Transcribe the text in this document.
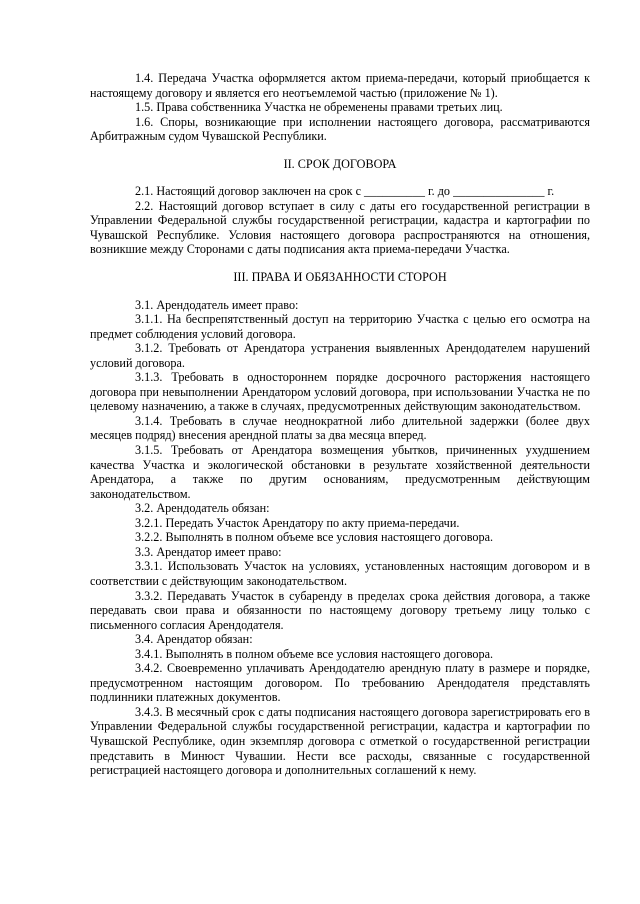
1.4. Передача Участка оформляется актом приема-передачи, который приобщается к настоящему договору и является его неотъемлемой частью (приложение № 1).

1.5. Права собственника Участка не обременены правами третьих лиц.

1.6. Споры, возникающие при исполнении настоящего договора, рассматриваются Арбитражным судом Чувашской Республики.

II. СРОК ДОГОВОРА

2.1. Настоящий договор заключен на срок с __________ г. до _______________ г.

2.2. Настоящий договор вступает в силу с даты его государственной регистрации в Управлении Федеральной службы государственной регистрации, кадастра и картографии по Чувашской Республике. Условия настоящего договора распространяются на отношения, возникшие между Сторонами с даты подписания акта приема-передачи Участка.

III. ПРАВА И ОБЯЗАННОСТИ СТОРОН

3.1. Арендодатель имеет право:

3.1.1. На беспрепятственный доступ на территорию Участка с целью его осмотра на предмет соблюдения условий договора.

3.1.2. Требовать от Арендатора устранения выявленных Арендодателем нарушений условий договора.

3.1.3. Требовать в одностороннем порядке досрочного расторжения настоящего договора при невыполнении Арендатором условий договора, при использовании Участка не по целевому назначению, а также в случаях, предусмотренных действующим законодательством.

3.1.4. Требовать в случае неоднократной либо длительной задержки (более двух месяцев подряд) внесения арендной платы за два месяца вперед.

3.1.5. Требовать от Арендатора возмещения убытков, причиненных ухудшением качества Участка и экологической обстановки в результате хозяйственной деятельности Арендатора, а также по другим основаниям, предусмотренным действующим законодательством.

3.2. Арендодатель обязан:

3.2.1. Передать Участок Арендатору по акту приема-передачи.

3.2.2. Выполнять в полном объеме все условия настоящего договора.

3.3. Арендатор имеет право:

3.3.1. Использовать Участок на условиях, установленных настоящим договором и в соответствии с действующим законодательством.

3.3.2. Передавать Участок в субаренду в пределах срока действия договора, а также передавать свои права и обязанности по настоящему договору третьему лицу только с письменного согласия Арендодателя.

3.4. Арендатор обязан:

3.4.1. Выполнять в полном объеме все условия настоящего договора.

3.4.2. Своевременно уплачивать Арендодателю арендную плату в размере и порядке, предусмотренном настоящим договором. По требованию Арендодателя представлять подлинники платежных документов.

3.4.3. В месячный срок с даты подписания настоящего договора зарегистрировать его в Управлении Федеральной службы государственной регистрации, кадастра и картографии по Чувашской Республике, один экземпляр договора с отметкой о государственной регистрации представить в Минюст Чувашии. Нести все расходы, связанные с государственной регистрацией настоящего договора и дополнительных соглашений к нему.
